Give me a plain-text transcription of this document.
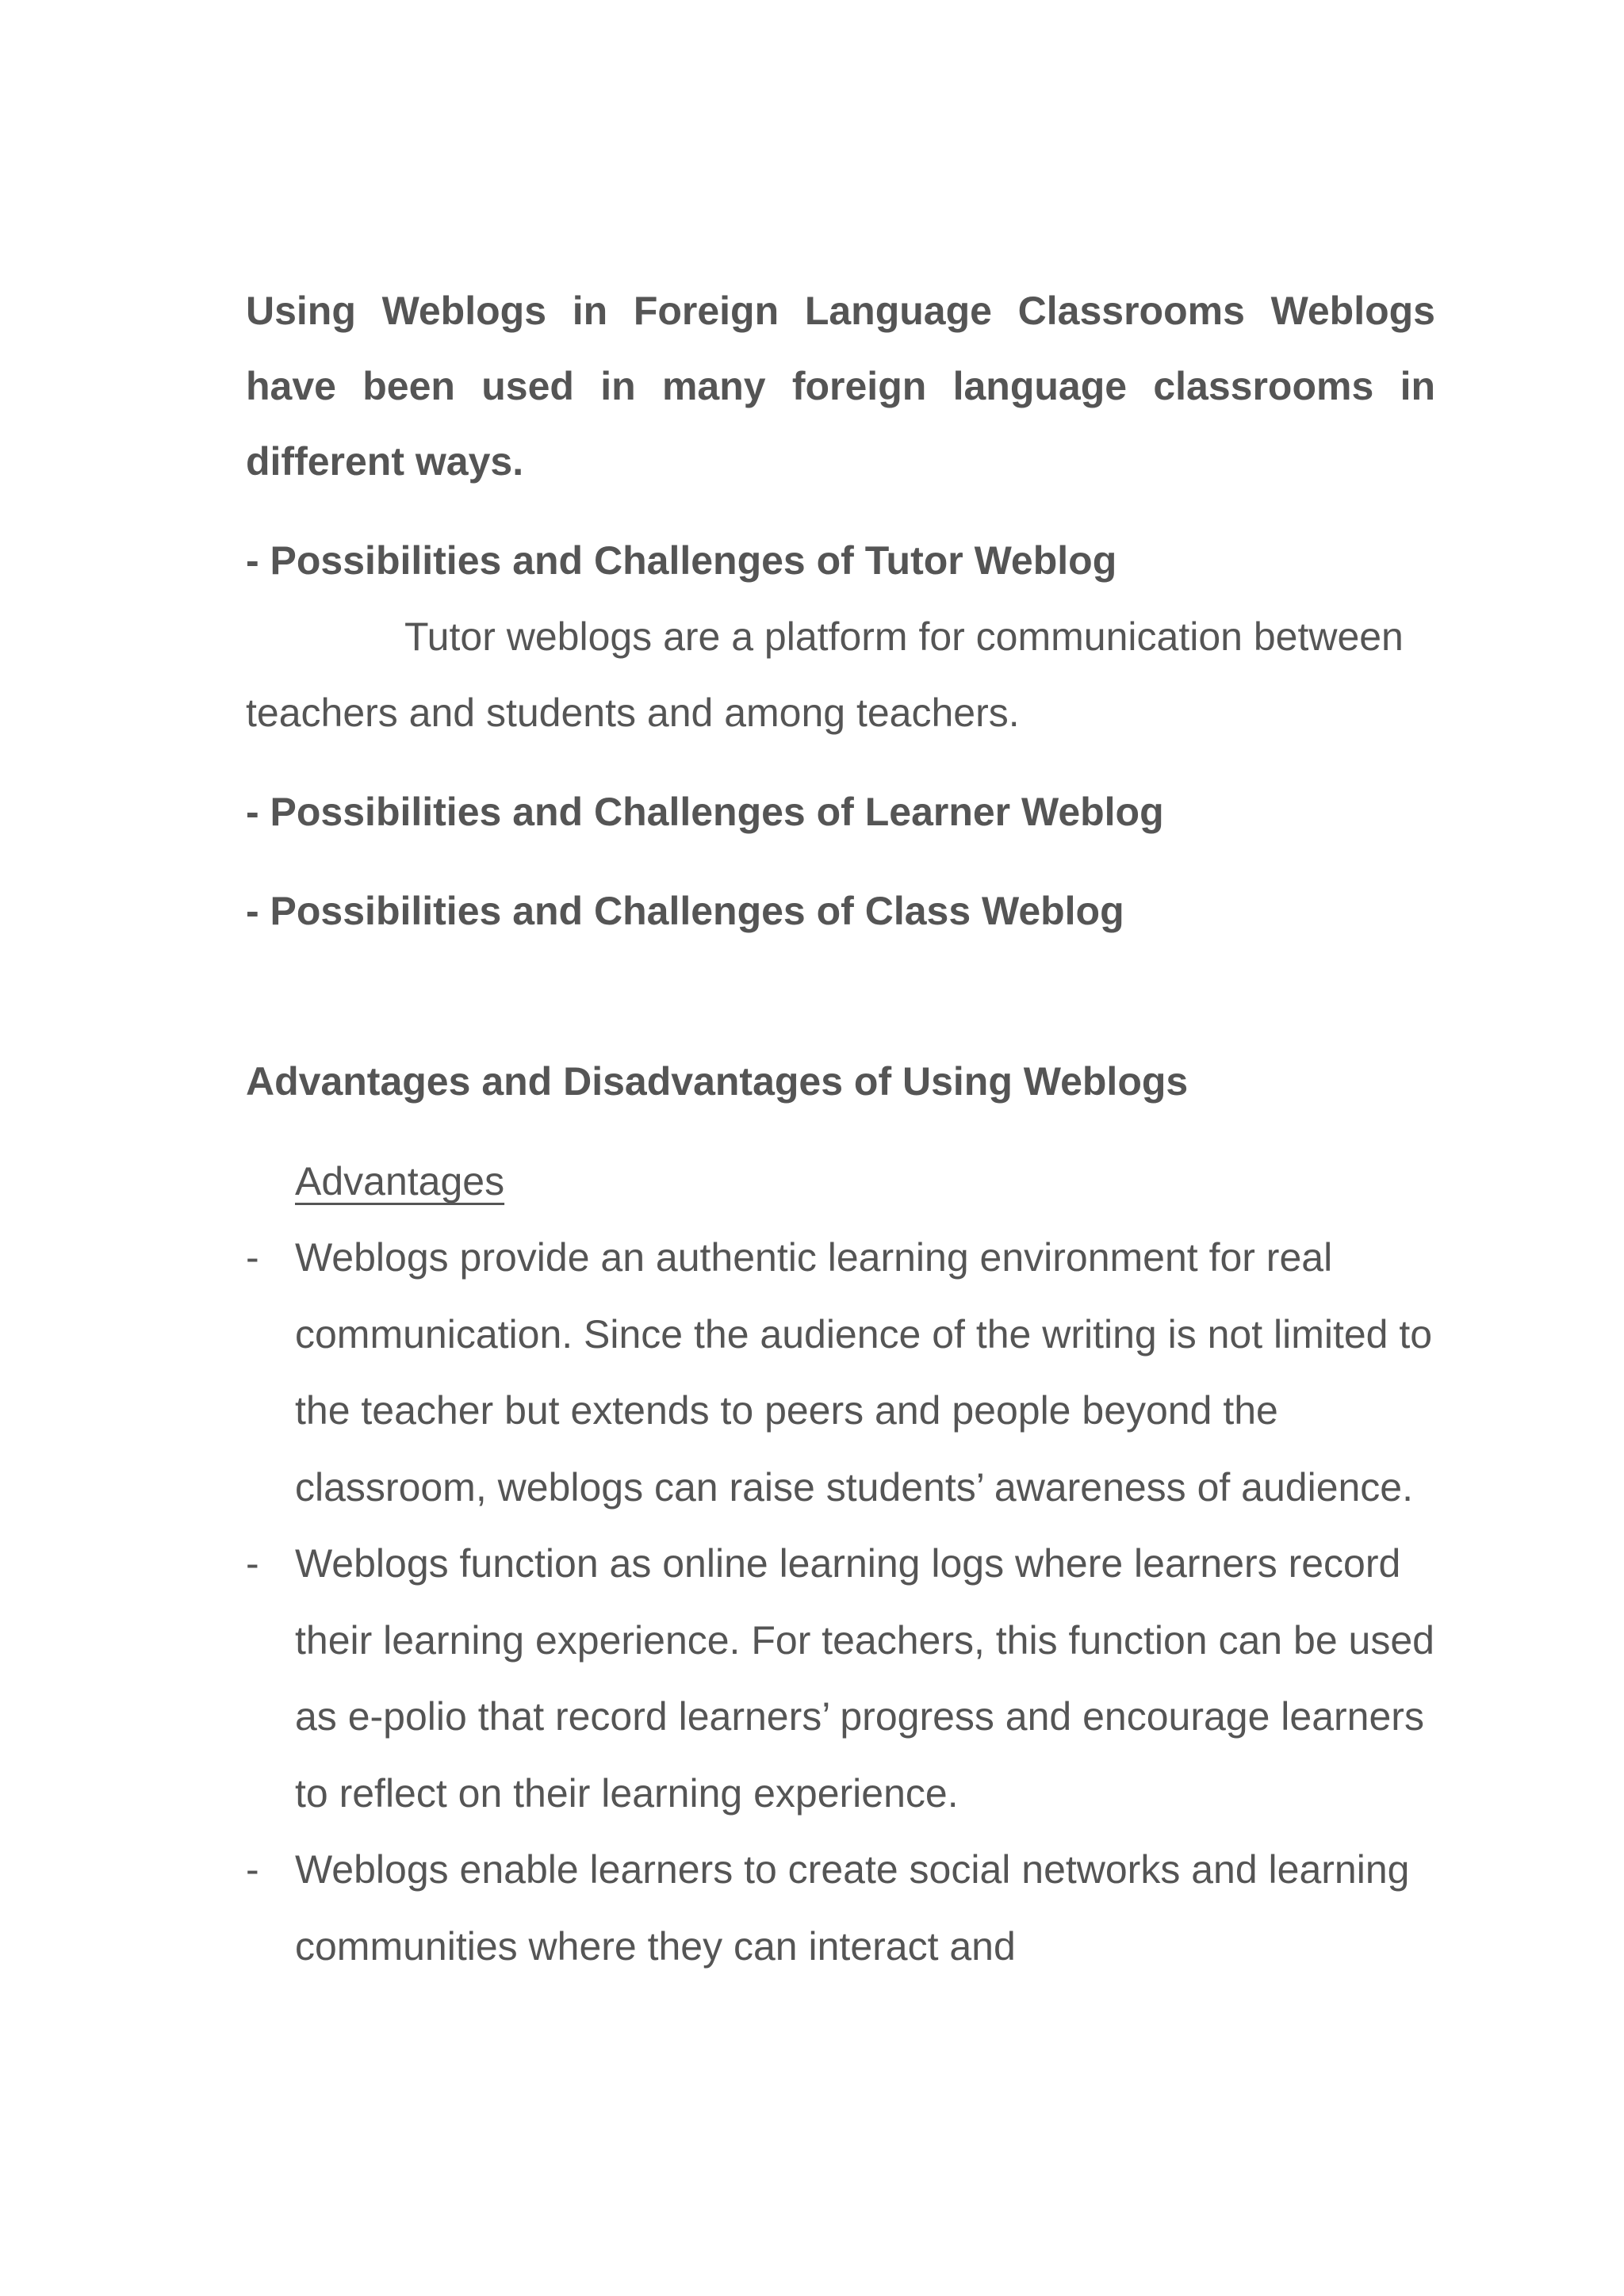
Using Weblogs in Foreign Language Classrooms Weblogs have been used in many foreign language classrooms in different ways.

- Possibilities and Challenges of Tutor Weblog

Tutor weblogs are a platform for communication between teachers and students and among teachers.

- Possibilities and Challenges of Learner Weblog

- Possibilities and Challenges of Class Weblog

Advantages and Disadvantages of Using Weblogs

Advantages

- Weblogs provide an authentic learning environment for real communication. Since the audience of the writing is not limited to the teacher but extends to peers and people beyond the classroom, weblogs can raise students’ awareness of audience.
- Weblogs function as online learning logs where learners record their learning experience. For teachers, this function can be used as e-polio that record learners’ progress and encourage learners to reflect on their learning experience.
- Weblogs enable learners to create social networks and learning communities where they can interact and
